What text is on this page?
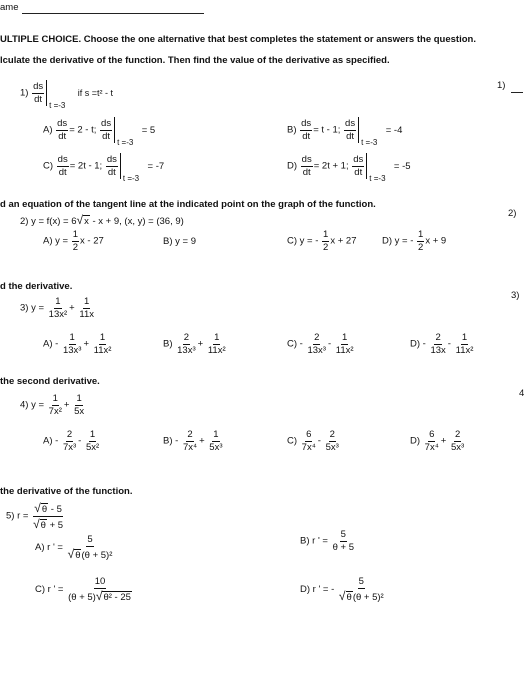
ame
ULTIPLE CHOICE. Choose the one alternative that best completes the statement or answers the question.
lculate the derivative of the function. Then find the value of the derivative as specified.
$1) \frac{ds}{dt}$
t =-3
if s =t² - t
1)
$A) \frac{ds}{dt} = 2 - t$; $\frac{ds}{dt}$
t =-3
= 5	$B) \frac{ds}{dt} = t - 1$; $\frac{ds}{dt}$
t =-3
= -4
$C) \frac{ds}{dt} = 2t - 1$; $\frac{ds}{dt}$
t =-3
= -7	$D) \frac{ds}{dt} = 2t + 1$; $\frac{ds}{dt}$
t =-3
= -5
d an equation of the tangent line at the indicated point on the graph of the function.
2) y = f(x) = 6√x - x + 9, (x, y) = (36, 9)
2)
A) $y = \frac{1}{2}$ x - 27	B) y = 9	C) y = - $\frac{1}{2}$ x + 27	D) y = - $\frac{1}{2}$ x + 9
d the derivative.
3) $y = \frac{1}{\text{13x²}} + \frac{1}{11x}$
3)
$A) - \frac{1}{\text{13x³}} + \frac{1}{\text{11x²}}$	$B) \frac{2}{\text{13x³}} + \frac{1}{\text{11x²}}$	$C) - \frac{2}{\text{13x³}} - \frac{1}{\text{11x²}}$	$D) - \frac{2}{13x} - \frac{1}{\text{11x²}}$
the second derivative.
4) $y = \frac{1}{\text{7x²}} + \frac{1}{5x}$
4
$A) - \frac{2}{\text{7x³}} - \frac{1}{\text{5x²}}$	$B) - \frac{2}{\text{7x⁴}} + \frac{1}{\text{5x³}}$	$C) \frac{6}{\text{7x⁴}} - \frac{2}{\text{5x³}}$	$D) \frac{6}{\text{7x⁴}} + \frac{2}{\text{5x³}}$
the derivative of the function.
5) $r = \frac{√\theta - 5}{√\theta + 5}$
A) r ' = $\frac{5}{\text{√θ(θ + 5)²}}$	B) r ' = $\frac{5}{\theta + 5}$
C) r ' = $\frac{10}{\text{(θ + 5)√θ² - 25}}$	D) r ' = - $\frac{5}{\text{√θ(θ + 5)²}}$
